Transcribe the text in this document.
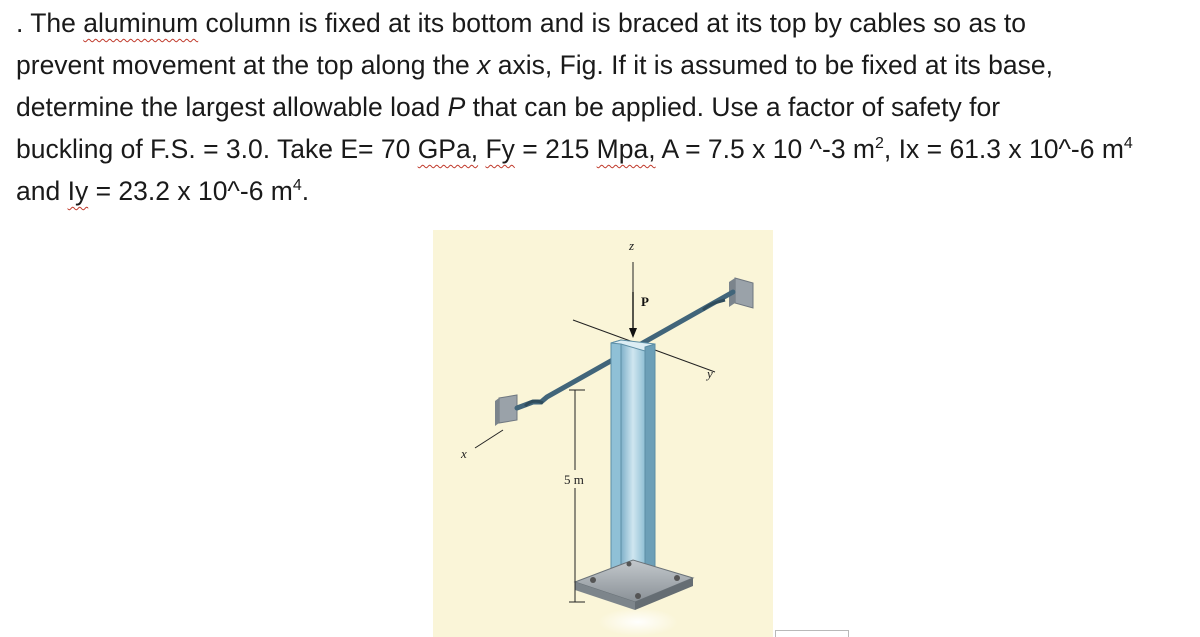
. The aluminum column is fixed at its bottom and is braced at its top by cables so as to
prevent movement at the top along the x axis, Fig. If it is assumed to be fixed at its base,
determine the largest allowable load P that can be applied. Use a factor of safety for
buckling of F.S. = 3.0. Take E= 70 GPa, Fy = 215 Mpa, A = 7.5 x 10 ^-3 $m^2$, Ix = 61.3 x 10^-6 $m^4$
and Iy = 23.2 x 10^-6 $m^4$.
z
P
y
x
5 m
